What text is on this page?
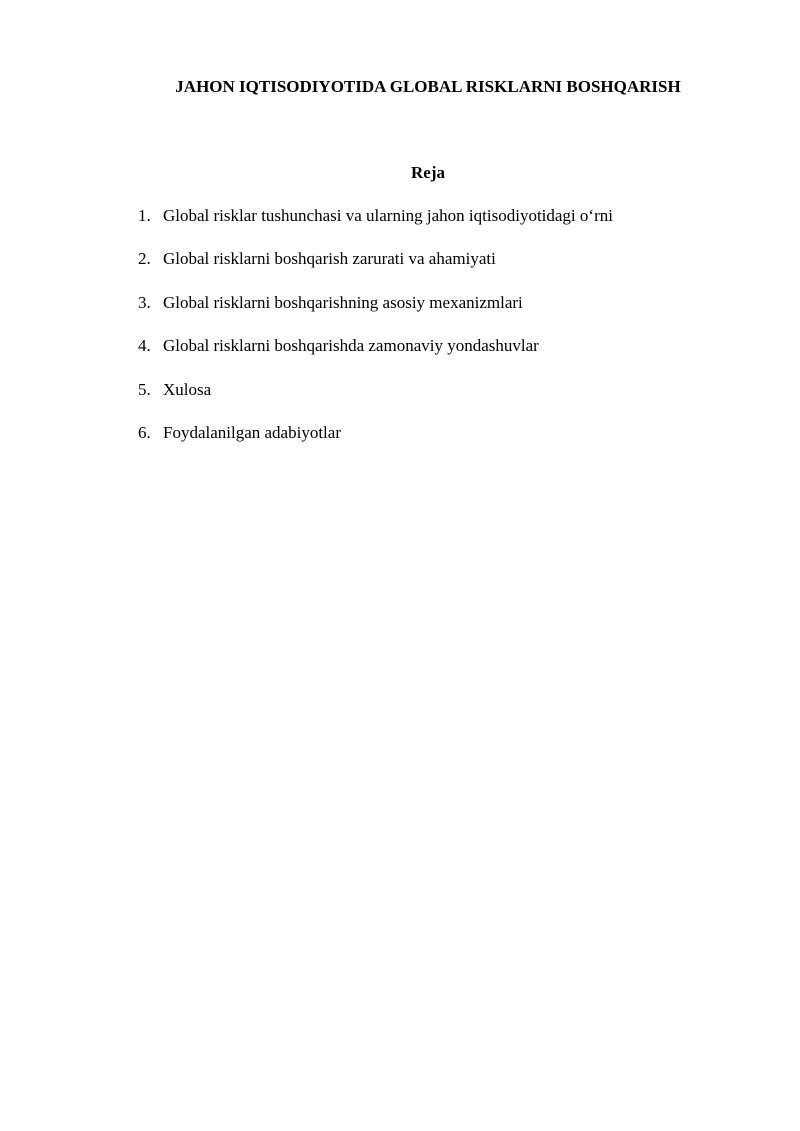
JAHON IQTISODIYOTIDA GLOBAL RISKLARNI BOSHQARISH
Reja
1. Global risklar tushunchasi va ularning jahon iqtisodiyotidagi o‘rni
2. Global risklarni boshqarish zarurati va ahamiyati
3. Global risklarni boshqarishning asosiy mexanizmlari
4. Global risklarni boshqarishda zamonaviy yondashuvlar
5. Xulosa
6. Foydalanilgan adabiyotlar
